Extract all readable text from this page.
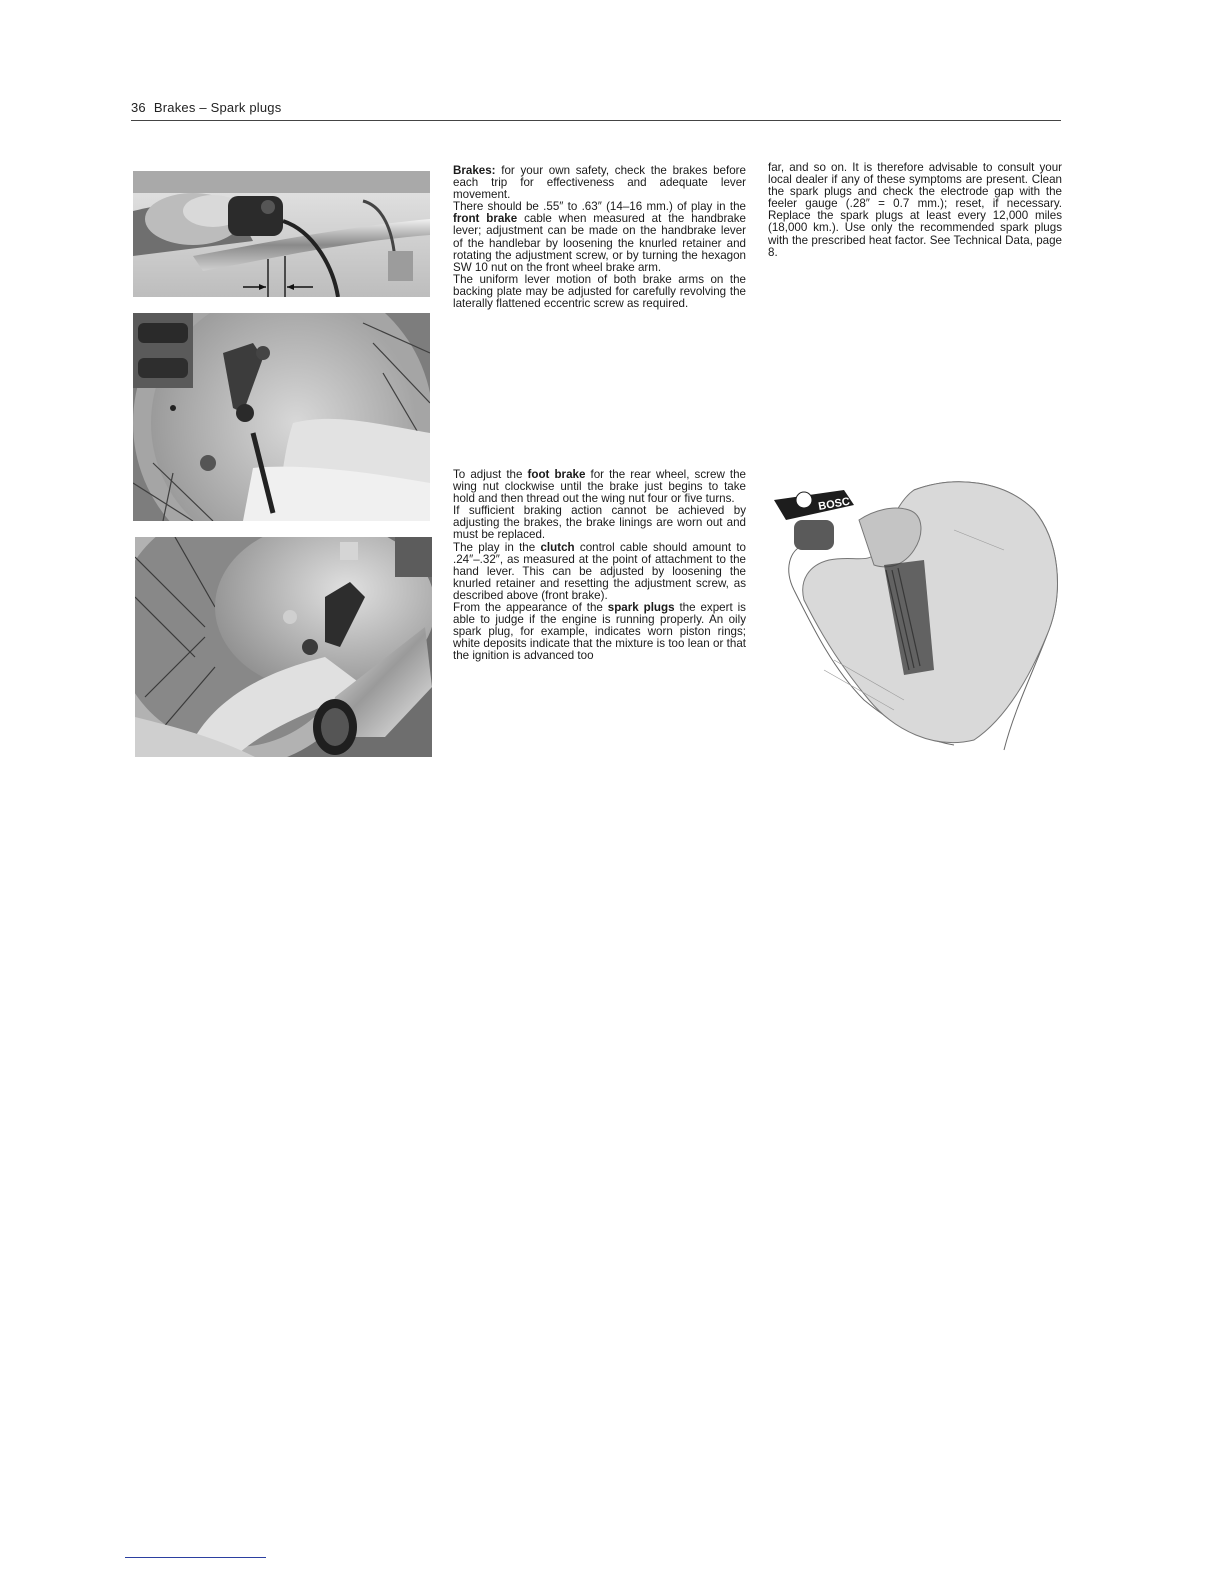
36 Brakes – Spark plugs

Brakes: for your own safety, check the brakes before each trip for effectiveness and adequate lever movement.

There should be .55″ to .63″ (14–16 mm.) of play in the front brake cable when measured at the handbrake lever; adjustment can be made on the handbrake lever of the handlebar by loosening the knurled retainer and rotating the adjustment screw, or by turning the hexagon SW 10 nut on the front wheel brake arm.

The uniform lever motion of both brake arms on the backing plate may be adjusted for carefully revolving the laterally flattened eccentric screw as required.

To adjust the foot brake for the rear wheel, screw the wing nut clockwise until the brake just begins to take hold and then thread out the wing nut four or five turns.

If sufficient braking action cannot be achieved by adjusting the brakes, the brake linings are worn out and must be replaced.

The play in the clutch control cable should amount to .24″–.32″, as measured at the point of attachment to the hand lever. This can be adjusted by loosening the knurled retainer and resetting the adjustment screw, as described above (front brake).

From the appearance of the spark plugs the expert is able to judge if the engine is running properly. An oily spark plug, for example, indicates worn piston rings; white deposits indicate that the mixture is too lean or that the ignition is advanced too

far, and so on. It is therefore advisable to consult your local dealer if any of these symptoms are present. Clean the spark plugs and check the electrode gap with the feeler gauge (.28″ = 0.7 mm.); reset, if necessary. Replace the spark plugs at least every 12,000 miles (18,000 km.). Use only the recommended spark plugs with the prescribed heat factor. See Technical Data, page 8.

BOSC
